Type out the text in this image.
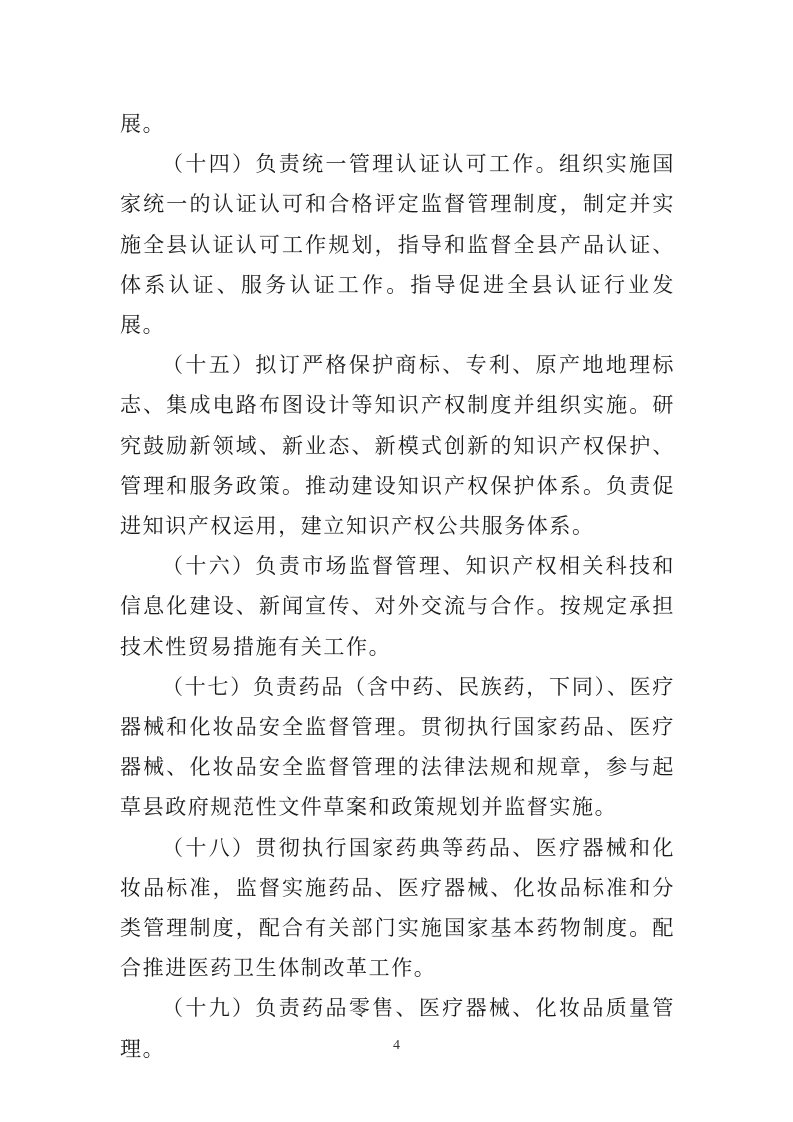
展。

（十四）负责统一管理认证认可工作。组织实施国家统一的认证认可和合格评定监督管理制度，制定并实施全县认证认可工作规划，指导和监督全县产品认证、体系认证、服务认证工作。指导促进全县认证行业发展。

（十五）拟订严格保护商标、专利、原产地地理标志、集成电路布图设计等知识产权制度并组织实施。研究鼓励新领域、新业态、新模式创新的知识产权保护、管理和服务政策。推动建设知识产权保护体系。负责促进知识产权运用，建立知识产权公共服务体系。

（十六）负责市场监督管理、知识产权相关科技和信息化建设、新闻宣传、对外交流与合作。按规定承担技术性贸易措施有关工作。

（十七）负责药品（含中药、民族药，下同）、医疗器械和化妆品安全监督管理。贯彻执行国家药品、医疗器械、化妆品安全监督管理的法律法规和规章，参与起草县政府规范性文件草案和政策规划并监督实施。

（十八）贯彻执行国家药典等药品、医疗器械和化妆品标准，监督实施药品、医疗器械、化妆品标准和分类管理制度，配合有关部门实施国家基本药物制度。配合推进医药卫生体制改革工作。

（十九）负责药品零售、医疗器械、化妆品质量管理。	4
